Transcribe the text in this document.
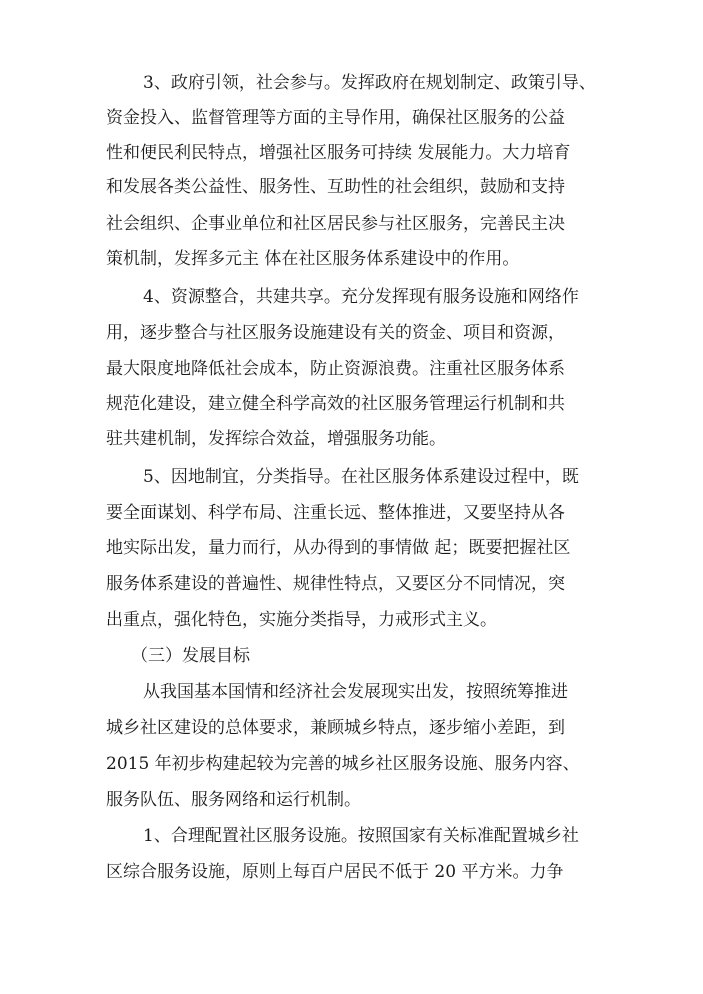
3、政府引领，社会参与。发挥政府在规划制定、政策引导、
资金投入、监督管理等方面的主导作用，确保社区服务的公益
性和便民利民特点，增强社区服务可持续 发展能力。大力培育
和发展各类公益性、服务性、互助性的社会组织，鼓励和支持
社会组织、企事业单位和社区居民参与社区服务，完善民主决
策机制，发挥多元主 体在社区服务体系建设中的作用。
4、资源整合，共建共享。充分发挥现有服务设施和网络作
用，逐步整合与社区服务设施建设有关的资金、项目和资源，
最大限度地降低社会成本，防止资源浪费。注重社区服务体系
规范化建设，建立健全科学高效的社区服务管理运行机制和共
驻共建机制，发挥综合效益，增强服务功能。
5、因地制宜，分类指导。在社区服务体系建设过程中，既
要全面谋划、科学布局、注重长远、整体推进，又要坚持从各
地实际出发，量力而行，从办得到的事情做 起；既要把握社区
服务体系建设的普遍性、规律性特点，又要区分不同情况，突
出重点，强化特色，实施分类指导，力戒形式主义。
（三）发展目标
从我国基本国情和经济社会发展现实出发，按照统筹推进
城乡社区建设的总体要求，兼顾城乡特点，逐步缩小差距，到
2015 年初步构建起较为完善的城乡社区服务设施、服务内容、
服务队伍、服务网络和运行机制。
1、合理配置社区服务设施。按照国家有关标准配置城乡社
区综合服务设施，原则上每百户居民不低于 20 平方米。力争
